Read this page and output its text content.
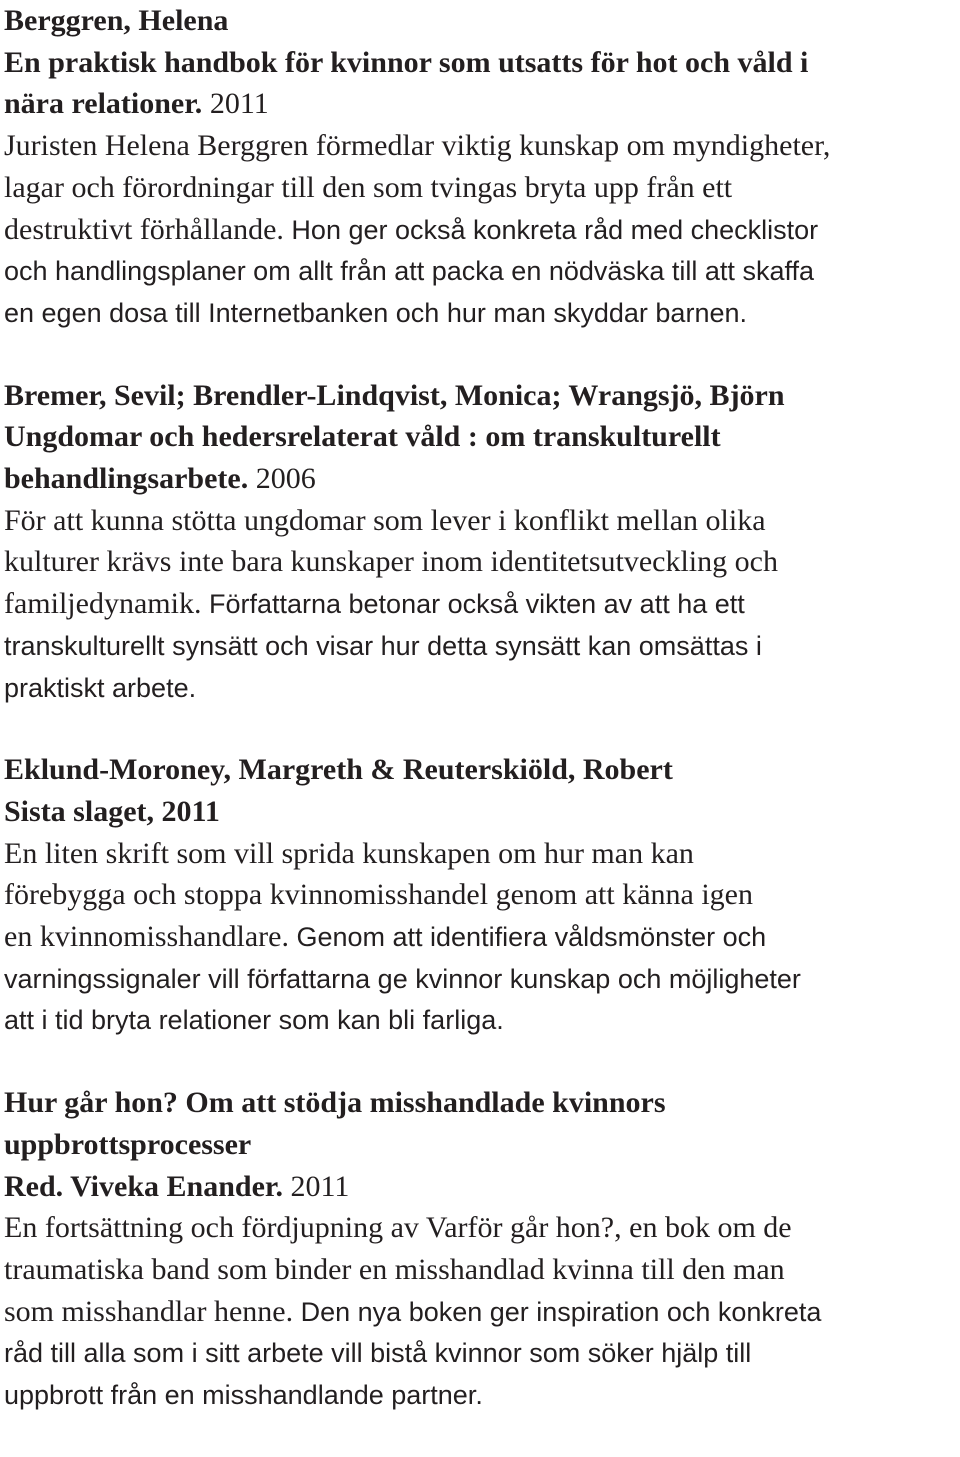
Berggren, Helena
En praktisk handbok för kvinnor som utsatts för hot och våld i
nära relationer. 2011
Juristen Helena Berggren förmedlar viktig kunskap om myndigheter,
lagar och förordningar till den som tvingas bryta upp från ett
destruktivt förhållande. Hon ger också konkreta råd med checklistor
och handlingsplaner om allt från att packa en nödväska till att skaffa
en egen dosa till Internetbanken och hur man skyddar barnen.
Bremer, Sevil; Brendler-Lindqvist, Monica; Wrangsjö, Björn
Ungdomar och hedersrelaterat våld : om transkulturellt
behandlingsarbete. 2006
För att kunna stötta ungdomar som lever i konflikt mellan olika
kulturer krävs inte bara kunskaper inom identitetsutveckling och
familjedynamik. Författarna betonar också vikten av att ha ett
transkulturellt synsätt och visar hur detta synsätt kan omsättas i
praktiskt arbete.
Eklund-Moroney, Margreth & Reuterskiöld, Robert
Sista slaget, 2011
En liten skrift som vill sprida kunskapen om hur man kan
förebygga och stoppa kvinnomisshandel genom att känna igen
en kvinnomisshandlare. Genom att identifiera våldsmönster och
varningssignaler vill författarna ge kvinnor kunskap och möjligheter
att i tid bryta relationer som kan bli farliga.
Hur går hon? Om att stödja misshandlade kvinnors
uppbrottsprocesser
Red. Viveka Enander. 2011
En fortsättning och fördjupning av Varför går hon?, en bok om de
traumatiska band som binder en misshandlad kvinna till den man
som misshandlar henne. Den nya boken ger inspiration och konkreta
råd till alla som i sitt arbete vill bistå kvinnor som söker hjälp till
uppbrott från en misshandlande partner.
